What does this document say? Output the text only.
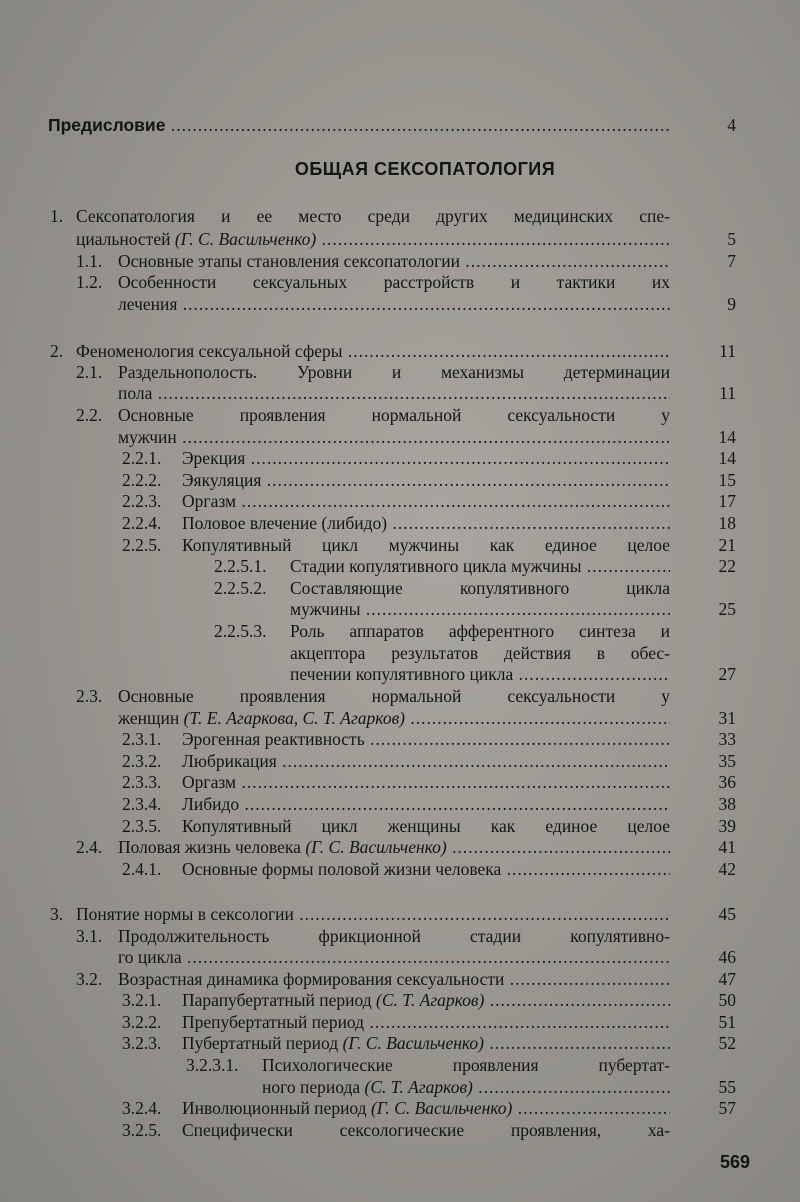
Предисловие .....	4
ОБЩАЯ СЕКСОПАТОЛОГИЯ
1. Сексопатология и ее место среди других медицинских спе-
циальностей (Г. С. Васильченко) .....	5
1.1. Основные этапы становления сексопатологии .....	7
1.2. Особенности сексуальных расстройств и тактики их
лечения .....	9
2. Феноменология сексуальной сферы .....	11
2.1. Раздельнополость. Уровни и механизмы детерминации
пола .....	11
2.2. Основные проявления нормальной сексуальности у
мужчин .....	14
2.2.1. Эрекция .....	14
2.2.2. Эякуляция .....	15
2.2.3. Оргазм .....	17
2.2.4. Половое влечение (либидо) .....	18
2.2.5. Копулятивный цикл мужчины как единое целое	21
2.2.5.1. Стадии копулятивного цикла мужчины .....	22
2.2.5.2. Составляющие копулятивного цикла
мужчины .....	25
2.2.5.3. Роль аппаратов афферентного синтеза и
акцептора результатов действия в обес-
печении копулятивного цикла .....	27
2.3. Основные проявления нормальной сексуальности у
женщин (Т. Е. Агаркова, С. Т. Агарков) .....	31
2.3.1. Эрогенная реактивность .....	33
2.3.2. Любрикация .....	35
2.3.3. Оргазм .....	36
2.3.4. Либидо .....	38
2.3.5. Копулятивный цикл женщины как единое целое	39
2.4. Половая жизнь человека (Г. С. Васильченко) .....	41
2.4.1. Основные формы половой жизни человека .....	42
3. Понятие нормы в сексологии .....	45
3.1. Продолжительность фрикционной стадии копулятивно-
го цикла .....	46
3.2. Возрастная динамика формирования сексуальности .....	47
3.2.1. Парапубертатный период (С. Т. Агарков) .....	50
3.2.2. Препубертатный период .....	51
3.2.3. Пубертатный период (Г. С. Васильченко) .....	52
3.2.3.1. Психологические проявления пубертат-
ного периода (С. Т. Агарков) .....	55
3.2.4. Инволюционный период (Г. С. Васильченко) .....	57
3.2.5. Специфически сексологические проявления, ха-
569
